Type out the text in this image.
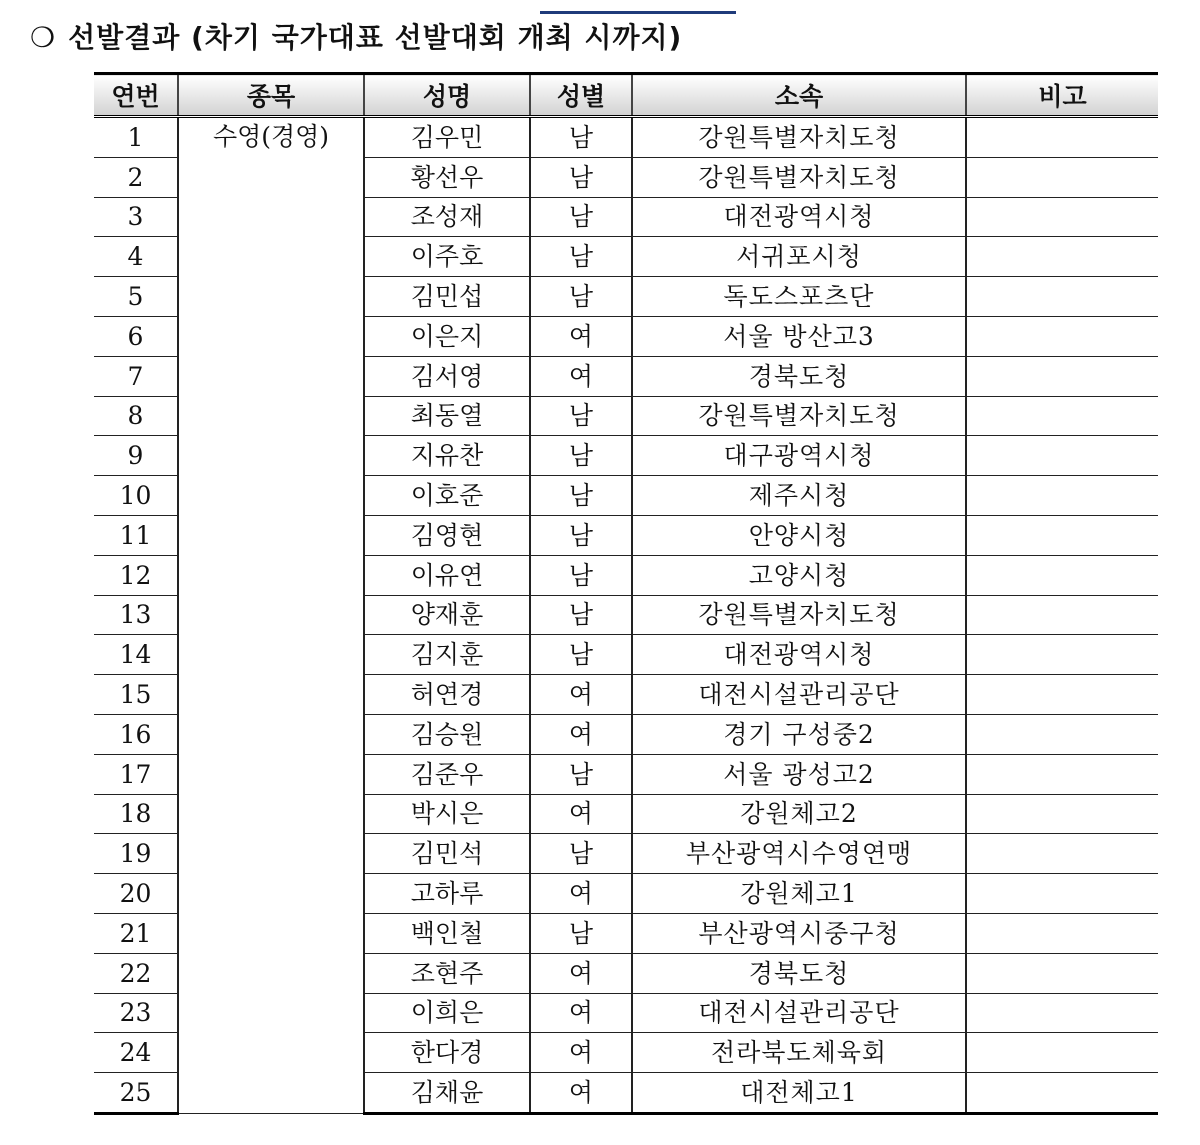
❍ 선발결과 (차기 국가대표 선발대회 개최 시까지)
연번	종목	성명	성별	소속	비고
1	수영(경영)	김우민	남	강원특별자치도청	
2		황선우	남	강원특별자치도청	
3		조성재	남	대전광역시청	
4		이주호	남	서귀포시청	
5		김민섭	남	독도스포츠단	
6		이은지	여	서울 방산고3	
7		김서영	여	경북도청	
8		최동열	남	강원특별자치도청	
9		지유찬	남	대구광역시청	
10		이호준	남	제주시청	
11		김영현	남	안양시청	
12		이유연	남	고양시청	
13		양재훈	남	강원특별자치도청	
14		김지훈	남	대전광역시청	
15		허연경	여	대전시설관리공단	
16		김승원	여	경기 구성중2	
17		김준우	남	서울 광성고2	
18		박시은	여	강원체고2	
19		김민석	남	부산광역시수영연맹	
20		고하루	여	강원체고1	
21		백인철	남	부산광역시중구청	
22		조현주	여	경북도청	
23		이희은	여	대전시설관리공단	
24		한다경	여	전라북도체육회	
25		김채윤	여	대전체고1	
